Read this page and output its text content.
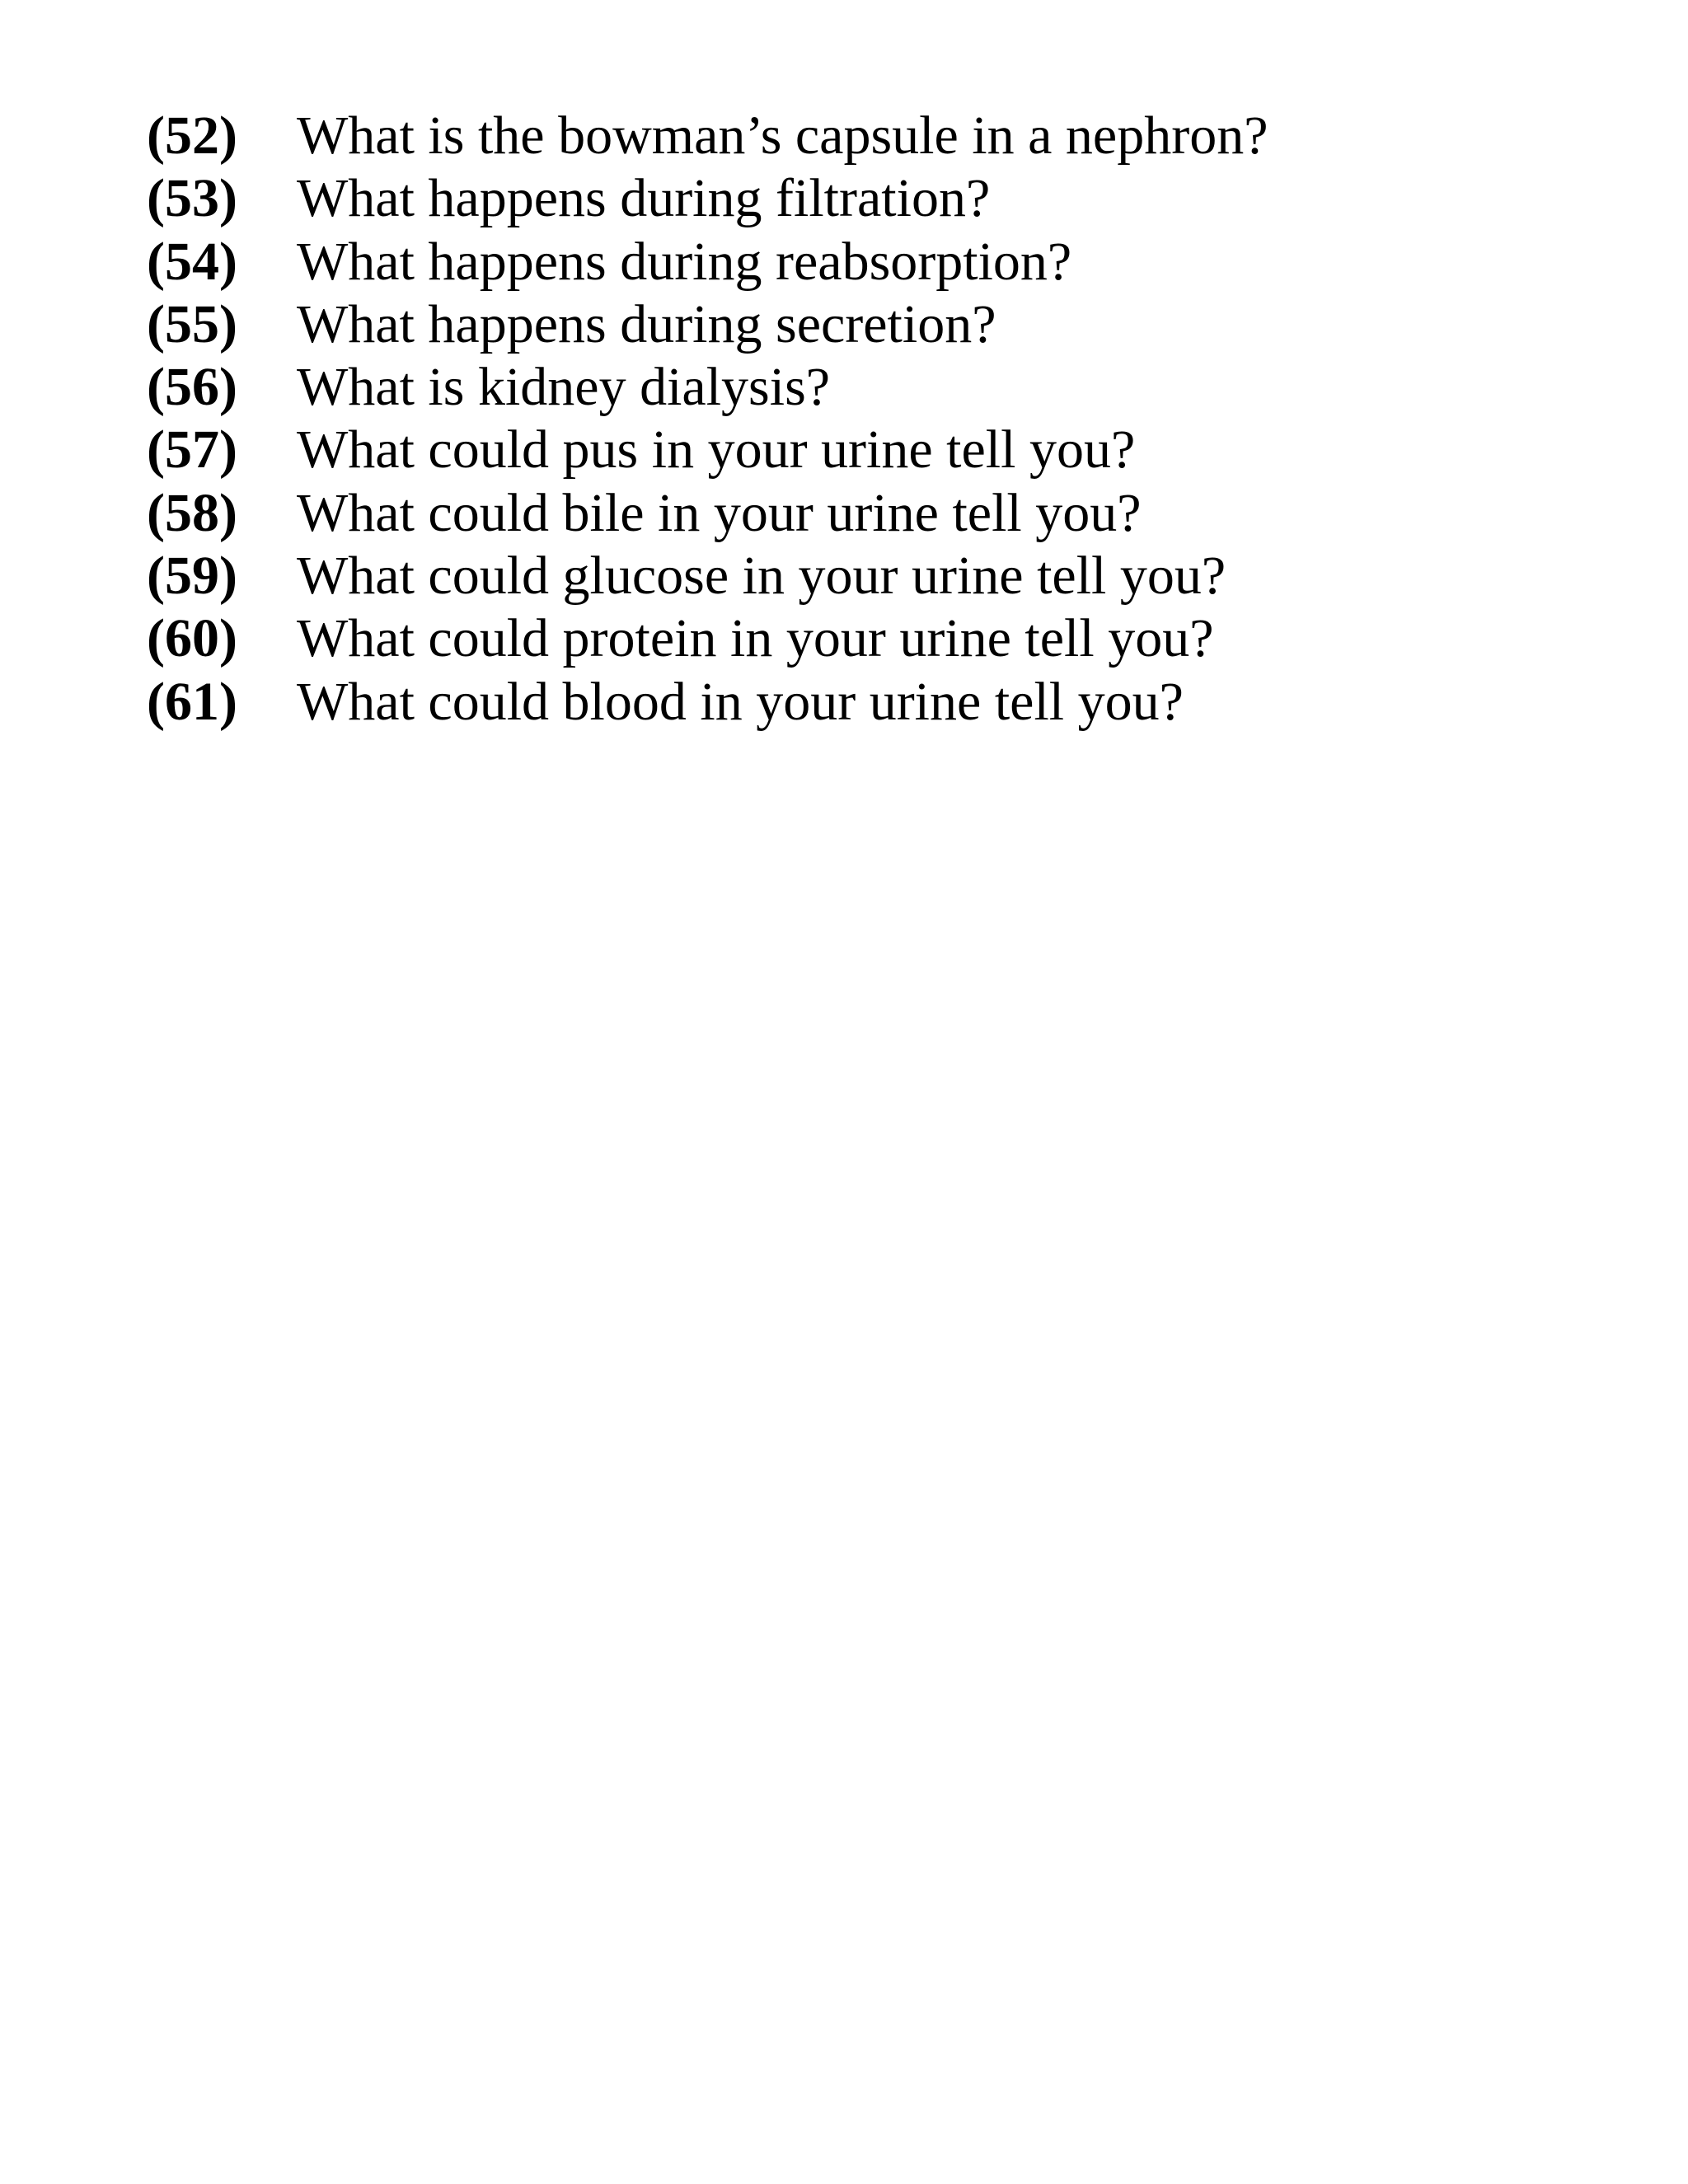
(52)	What is the bowman’s capsule in a nephron?
(53)	What happens during filtration?
(54)	What happens during reabsorption?
(55)	What happens during secretion?
(56)	What is kidney dialysis?
(57)	What could pus in your urine tell you?
(58)	What could bile in your urine tell you?
(59)	What could glucose in your urine tell you?
(60)	What could protein in your urine tell you?
(61)	What could blood in your urine tell you?
